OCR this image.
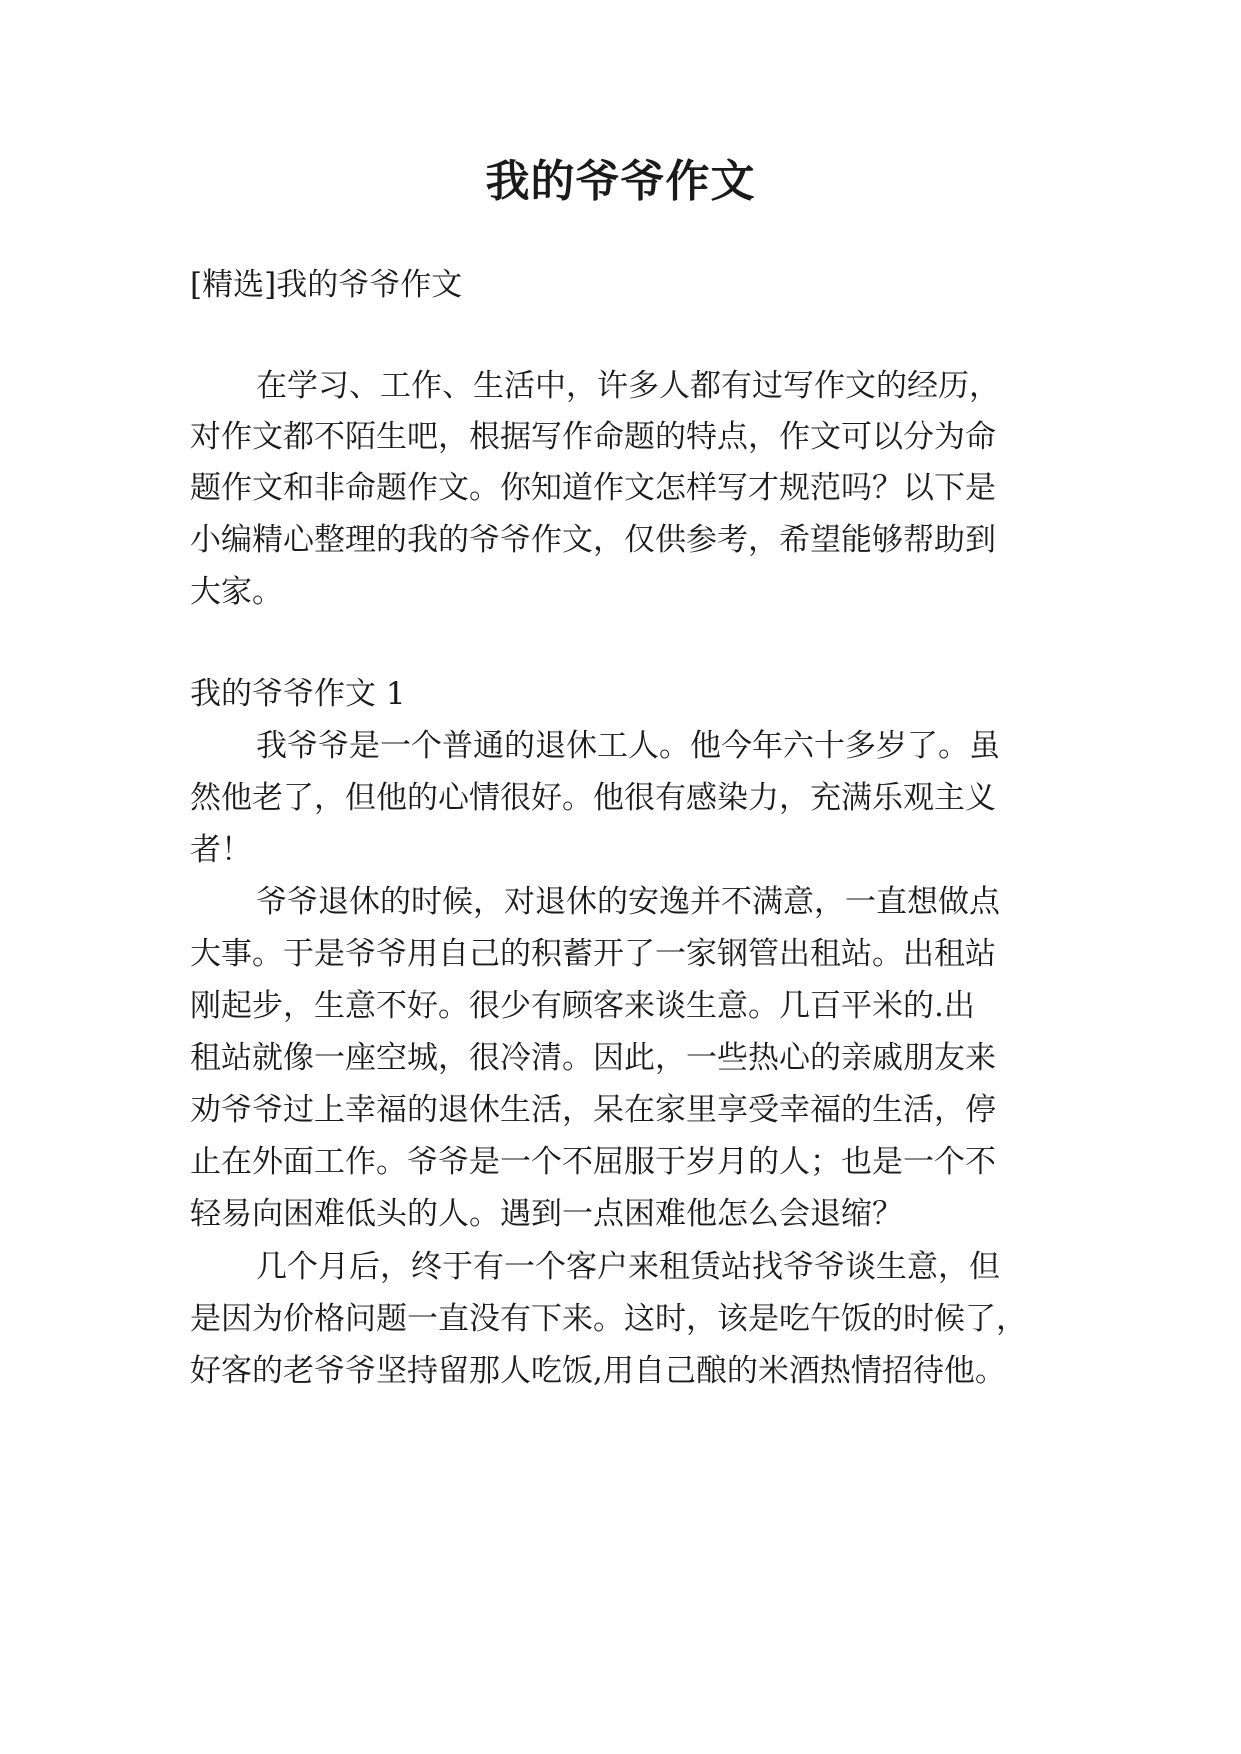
我的爷爷作文
[精选]我的爷爷作文
在学习、工作、生活中，许多人都有过写作文的经历，
对作文都不陌生吧，根据写作命题的特点，作文可以分为命
题作文和非命题作文。你知道作文怎样写才规范吗？以下是
小编精心整理的我的爷爷作文，仅供参考，希望能够帮助到
大家。
我的爷爷作文 1
我爷爷是一个普通的退休工人。他今年六十多岁了。虽
然他老了，但他的心情很好。他很有感染力，充满乐观主义
者！
爷爷退休的时候，对退休的安逸并不满意，一直想做点
大事。于是爷爷用自己的积蓄开了一家钢管出租站。出租站
刚起步，生意不好。很少有顾客来谈生意。几百平米的.出
租站就像一座空城，很冷清。因此，一些热心的亲戚朋友来
劝爷爷过上幸福的退休生活，呆在家里享受幸福的生活，停
止在外面工作。爷爷是一个不屈服于岁月的人；也是一个不
轻易向困难低头的人。遇到一点困难他怎么会退缩？
几个月后，终于有一个客户来租赁站找爷爷谈生意，但
是因为价格问题一直没有下来。这时，该是吃午饭的时候了，
好客的老爷爷坚持留那人吃饭,用自己酿的米酒热情招待他。
